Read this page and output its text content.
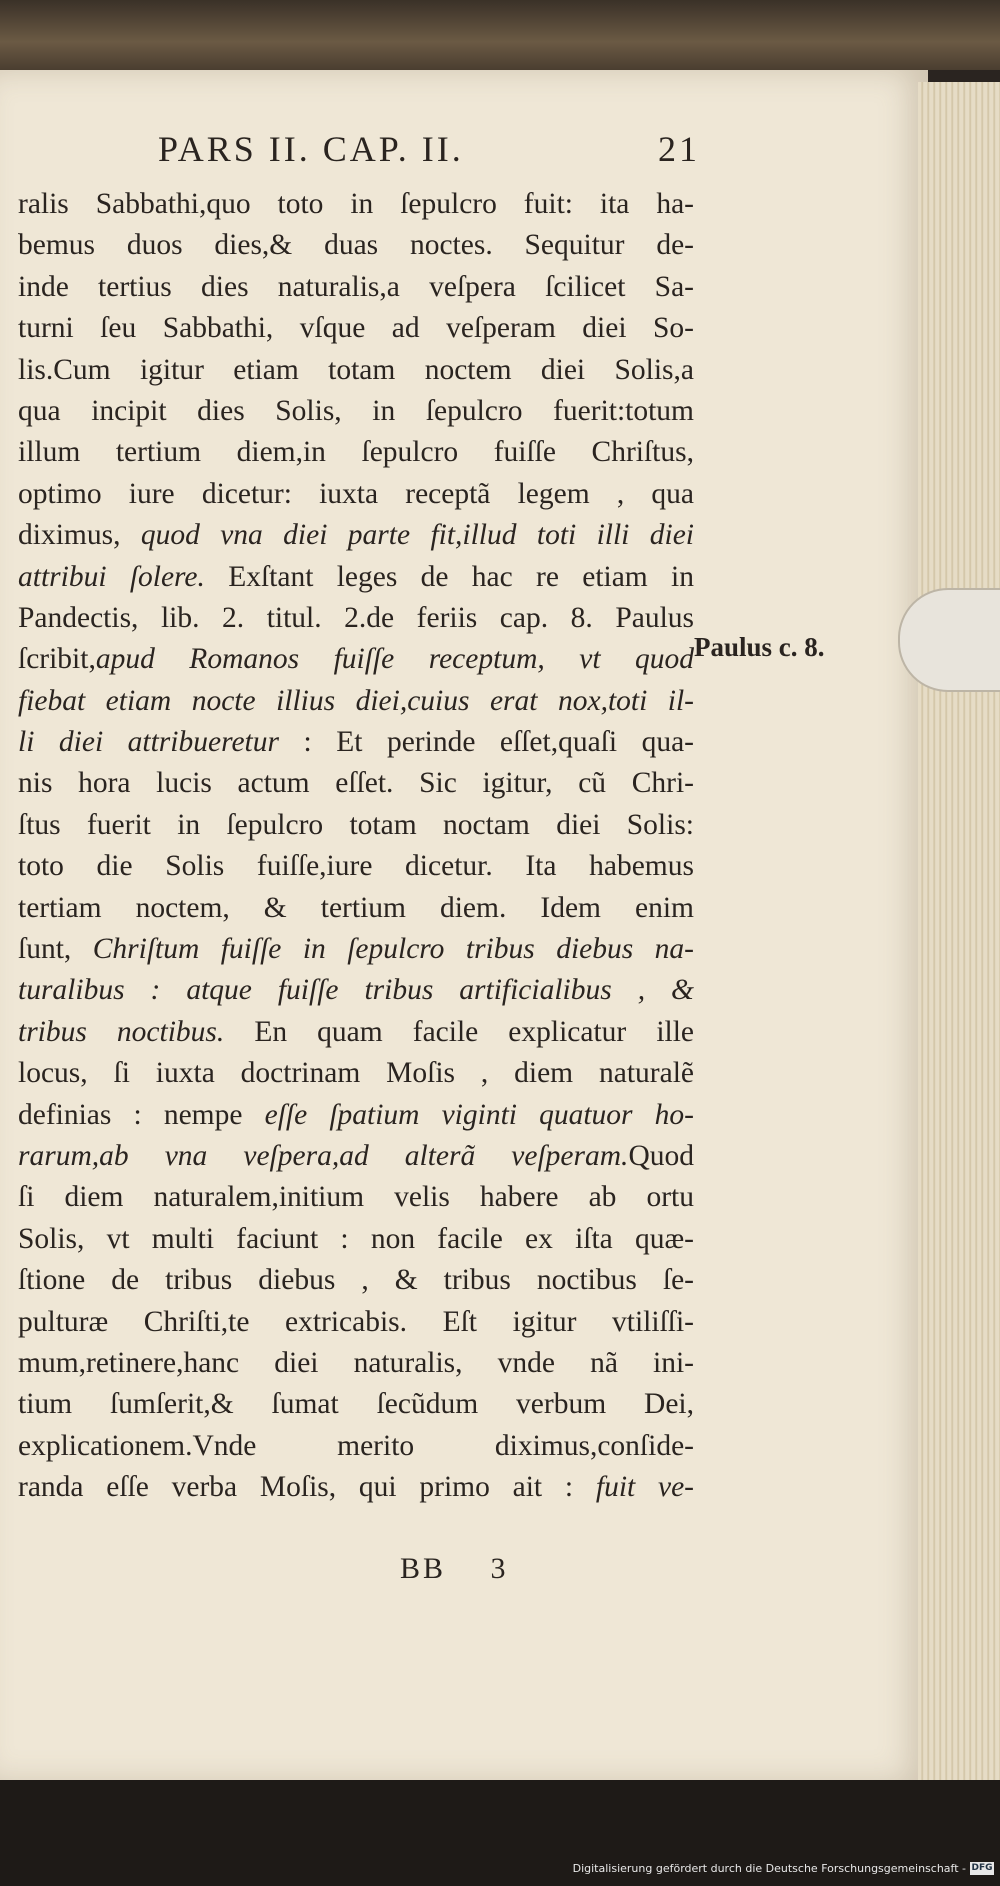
PARS II. CAP. II.	21
ralis Sabbathi,quo toto in ſepulcro fuit: ita ha-
bemus duos dies,& duas noctes. Sequitur de-
inde tertius dies naturalis,a veſpera ſcilicet Sa-
turni ſeu Sabbathi, vſque ad veſperam diei So-
lis.Cum igitur etiam totam noctem diei Solis,a
qua incipit dies Solis, in ſepulcro fuerit:totum
illum tertium diem,in ſepulcro fuiſſe Chriſtus,
optimo iure dicetur: iuxta receptã legem , qua
diximus, quod vna diei parte fit,illud toti illi diei
attribui ſolere. Exſtant leges de hac re etiam in
Pandectis, lib. 2. titul. 2.de feriis cap. 8. Paulus
ſcribit,apud Romanos fuiſſe receptum, vt quod
fiebat etiam nocte illius diei,cuius erat nox,toti il-
li diei attribueretur : Et perinde eſſet,quaſi qua-
nis hora lucis actum eſſet. Sic igitur, cũ Chri-
ſtus fuerit in ſepulcro totam noctam diei Solis:
toto die Solis fuiſſe,iure dicetur. Ita habemus
tertiam noctem, & tertium diem. Idem enim
ſunt, Chriſtum fuiſſe in ſepulcro tribus diebus na-
turalibus : atque fuiſſe tribus artificialibus , &
tribus noctibus. En quam facile explicatur ille
locus, ſi iuxta doctrinam Moſis , diem naturalẽ
definias : nempe eſſe ſpatium viginti quatuor ho-
rarum,ab vna veſpera,ad alterã veſperam.Quod
ſi diem naturalem,initium velis habere ab ortu
Solis, vt multi faciunt : non facile ex iſta quæ-
ſtione de tribus diebus , & tribus noctibus ſe-
pulturæ Chriſti,te extricabis. Eſt igitur vtiliſſi-
mum,retinere,hanc diei naturalis, vnde nã ini-
tium ſumſerit,& ſumat ſecũdum verbum Dei,
explicationem.Vnde merito diximus,conſide-
randa eſſe verba Moſis, qui primo ait : fuit ve-
Paulus c. 8.
BB 3
Digitalisierung gefördert durch die Deutsche Forschungsgemeinschaft - DFG
